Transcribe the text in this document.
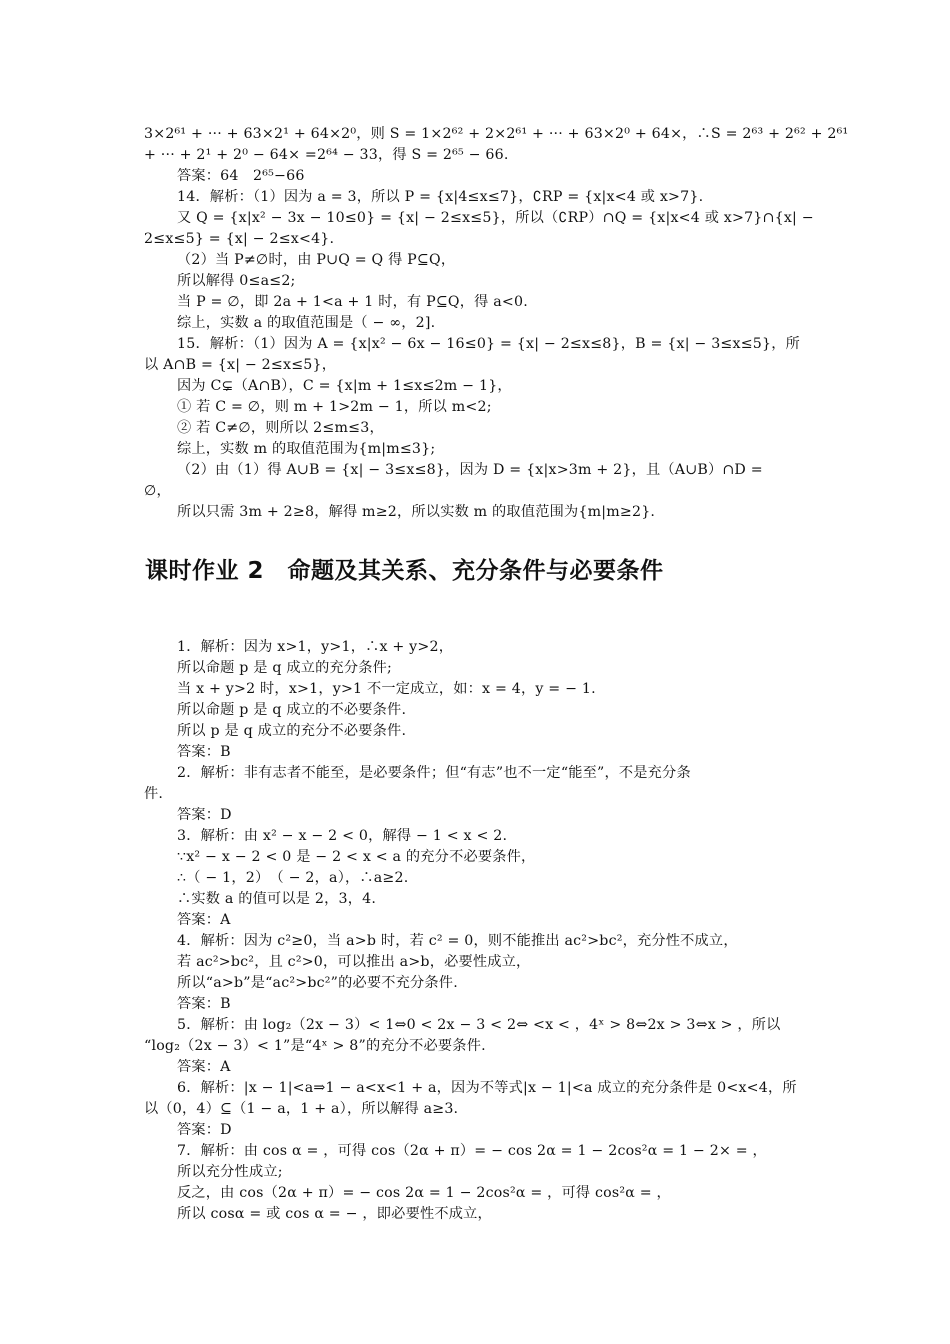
3×2⁶¹ + ··· + 63×2¹ + 64×2⁰，则 S = 1×2⁶² + 2×2⁶¹ + ··· + 63×2⁰ + 64×，∴S = 2⁶³ + 2⁶² + 2⁶¹
+ ··· + 2¹ + 2⁰ − 64× =2⁶⁴ − 33，得 S = 2⁶⁵ − 66.
答案：64　2⁶⁵−66
14．解析：（1）因为 a = 3，所以 P = {x|4≤x≤7}，∁RP = {x|x<4 或 x>7}.
又 Q = {x|x² − 3x − 10≤0} = {x| − 2≤x≤5}，所以（∁RP）∩Q = {x|x<4 或 x>7}∩{x| −
2≤x≤5} = {x| − 2≤x<4}.
（2）当 P≠∅时，由 P∪Q = Q 得 P⊆Q，
所以解得 0≤a≤2;
当 P = ∅，即 2a + 1<a + 1 时，有 P⊆Q，得 a<0.
综上，实数 a 的取值范围是（ − ∞，2].
15．解析：（1）因为 A = {x|x² − 6x − 16≤0} = {x| − 2≤x≤8}，B = {x| − 3≤x≤5}，所
以 A∩B = {x| − 2≤x≤5}，
因为 C⊊（A∩B），C = {x|m + 1≤x≤2m − 1}，
① 若 C = ∅，则 m + 1>2m − 1，所以 m<2;
② 若 C≠∅，则所以 2≤m≤3，
综上，实数 m 的取值范围为{m|m≤3};
（2）由（1）得 A∪B = {x| − 3≤x≤8}，因为 D = {x|x>3m + 2}，且（A∪B）∩D =
∅，
所以只需 3m + 2≥8，解得 m≥2，所以实数 m 的取值范围为{m|m≥2}.
课时作业 2　命题及其关系、充分条件与必要条件
1．解析：因为 x>1，y>1，∴x + y>2，
所以命题 p 是 q 成立的充分条件;
当 x + y>2 时，x>1，y>1 不一定成立，如：x = 4，y = − 1.
所以命题 p 是 q 成立的不必要条件.
所以 p 是 q 成立的充分不必要条件.
答案：B
2．解析：非有志者不能至，是必要条件；但“有志”也不一定“能至”，不是充分条
件.
答案：D
3．解析：由 x² − x − 2 < 0，解得 − 1 < x < 2.
∵x² − x − 2 < 0 是 − 2 < x < a 的充分不必要条件，
∴（ − 1，2）　（ − 2，a），∴a≥2.
∴实数 a 的值可以是 2，3，4.
答案：A
4．解析：因为 c²≥0，当 a>b 时，若 c² = 0，则不能推出 ac²>bc²，充分性不成立，
若 ac²>bc²，且 c²>0，可以推出 a>b，必要性成立，
所以“a>b”是“ac²>bc²”的必要不充分条件.
答案：B
5．解析：由 log₂（2x − 3）< 1⇔0 < 2x − 3 < 2⇔ <x < ，4ˣ > 8⇔2x > 3⇔x > ，所以
“log₂（2x − 3）< 1”是“4ˣ > 8”的充分不必要条件.
答案：A
6．解析：|x − 1|<a⇒1 − a<x<1 + a，因为不等式|x − 1|<a 成立的充分条件是 0<x<4，所
以（0，4）⊆（1 − a，1 + a），所以解得 a≥3.
答案：D
7．解析：由 cos α = ，可得 cos（2α + π）= − cos 2α = 1 − 2cos²α = 1 − 2× = ，
所以充分性成立;
反之，由 cos（2α + π）= − cos 2α = 1 − 2cos²α = ，可得 cos²α = ，
所以 cosα = 或 cos α = − ，即必要性不成立，
